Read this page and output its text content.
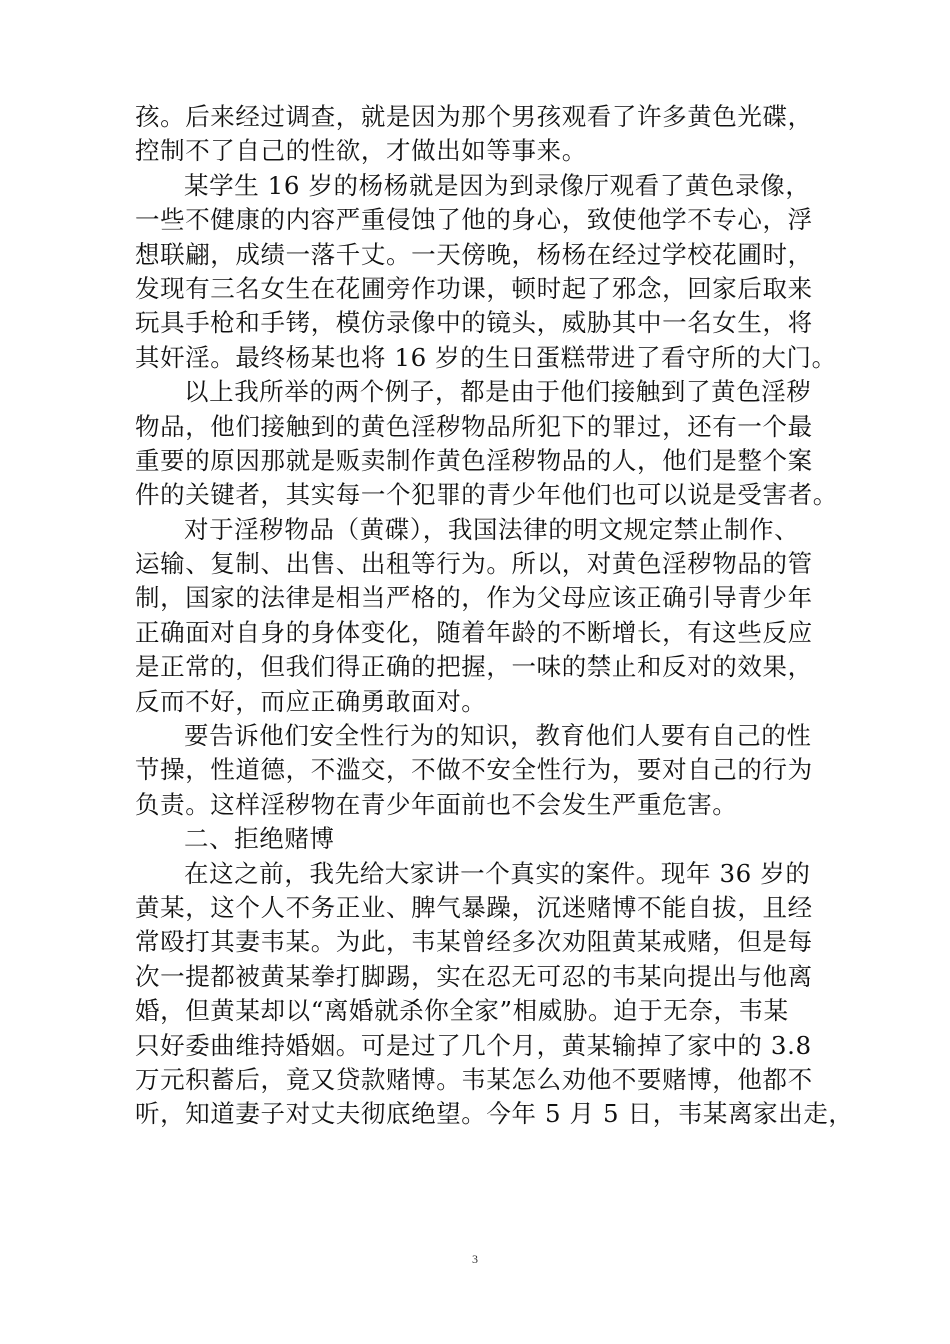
孩。后来经过调查，就是因为那个男孩观看了许多黄色光碟，
控制不了自己的性欲，才做出如等事来。
某学生 16 岁的杨杨就是因为到录像厅观看了黄色录像，
一些不健康的内容严重侵蚀了他的身心，致使他学不专心，浮
想联翩，成绩一落千丈。一天傍晚，杨杨在经过学校花圃时，
发现有三名女生在花圃旁作功课，顿时起了邪念，回家后取来
玩具手枪和手铐，模仿录像中的镜头，威胁其中一名女生，将
其奸淫。最终杨某也将 16 岁的生日蛋糕带进了看守所的大门。
以上我所举的两个例子，都是由于他们接触到了黄色淫秽
物品，他们接触到的黄色淫秽物品所犯下的罪过，还有一个最
重要的原因那就是贩卖制作黄色淫秽物品的人，他们是整个案
件的关键者，其实每一个犯罪的青少年他们也可以说是受害者。
对于淫秽物品（黄碟），我国法律的明文规定禁止制作、
运输、复制、出售、出租等行为。所以，对黄色淫秽物品的管
制，国家的法律是相当严格的，作为父母应该正确引导青少年
正确面对自身的身体变化，随着年龄的不断增长，有这些反应
是正常的，但我们得正确的把握，一味的禁止和反对的效果，
反而不好，而应正确勇敢面对。
要告诉他们安全性行为的知识，教育他们人要有自己的性
节操，性道德，不滥交，不做不安全性行为，要对自己的行为
负责。这样淫秽物在青少年面前也不会发生严重危害。
二、拒绝赌博
在这之前，我先给大家讲一个真实的案件。现年 36 岁的
黄某，这个人不务正业、脾气暴躁，沉迷赌博不能自拔，且经
常殴打其妻韦某。为此，韦某曾经多次劝阻黄某戒赌，但是每
次一提都被黄某拳打脚踢，实在忍无可忍的韦某向提出与他离
婚，但黄某却以“离婚就杀你全家”相威胁。迫于无奈，韦某
只好委曲维持婚姻。可是过了几个月，黄某输掉了家中的 3.8
万元积蓄后，竟又贷款赌博。韦某怎么劝他不要赌博，他都不
听，知道妻子对丈夫彻底绝望。今年 5 月 5 日，韦某离家出走，
3
